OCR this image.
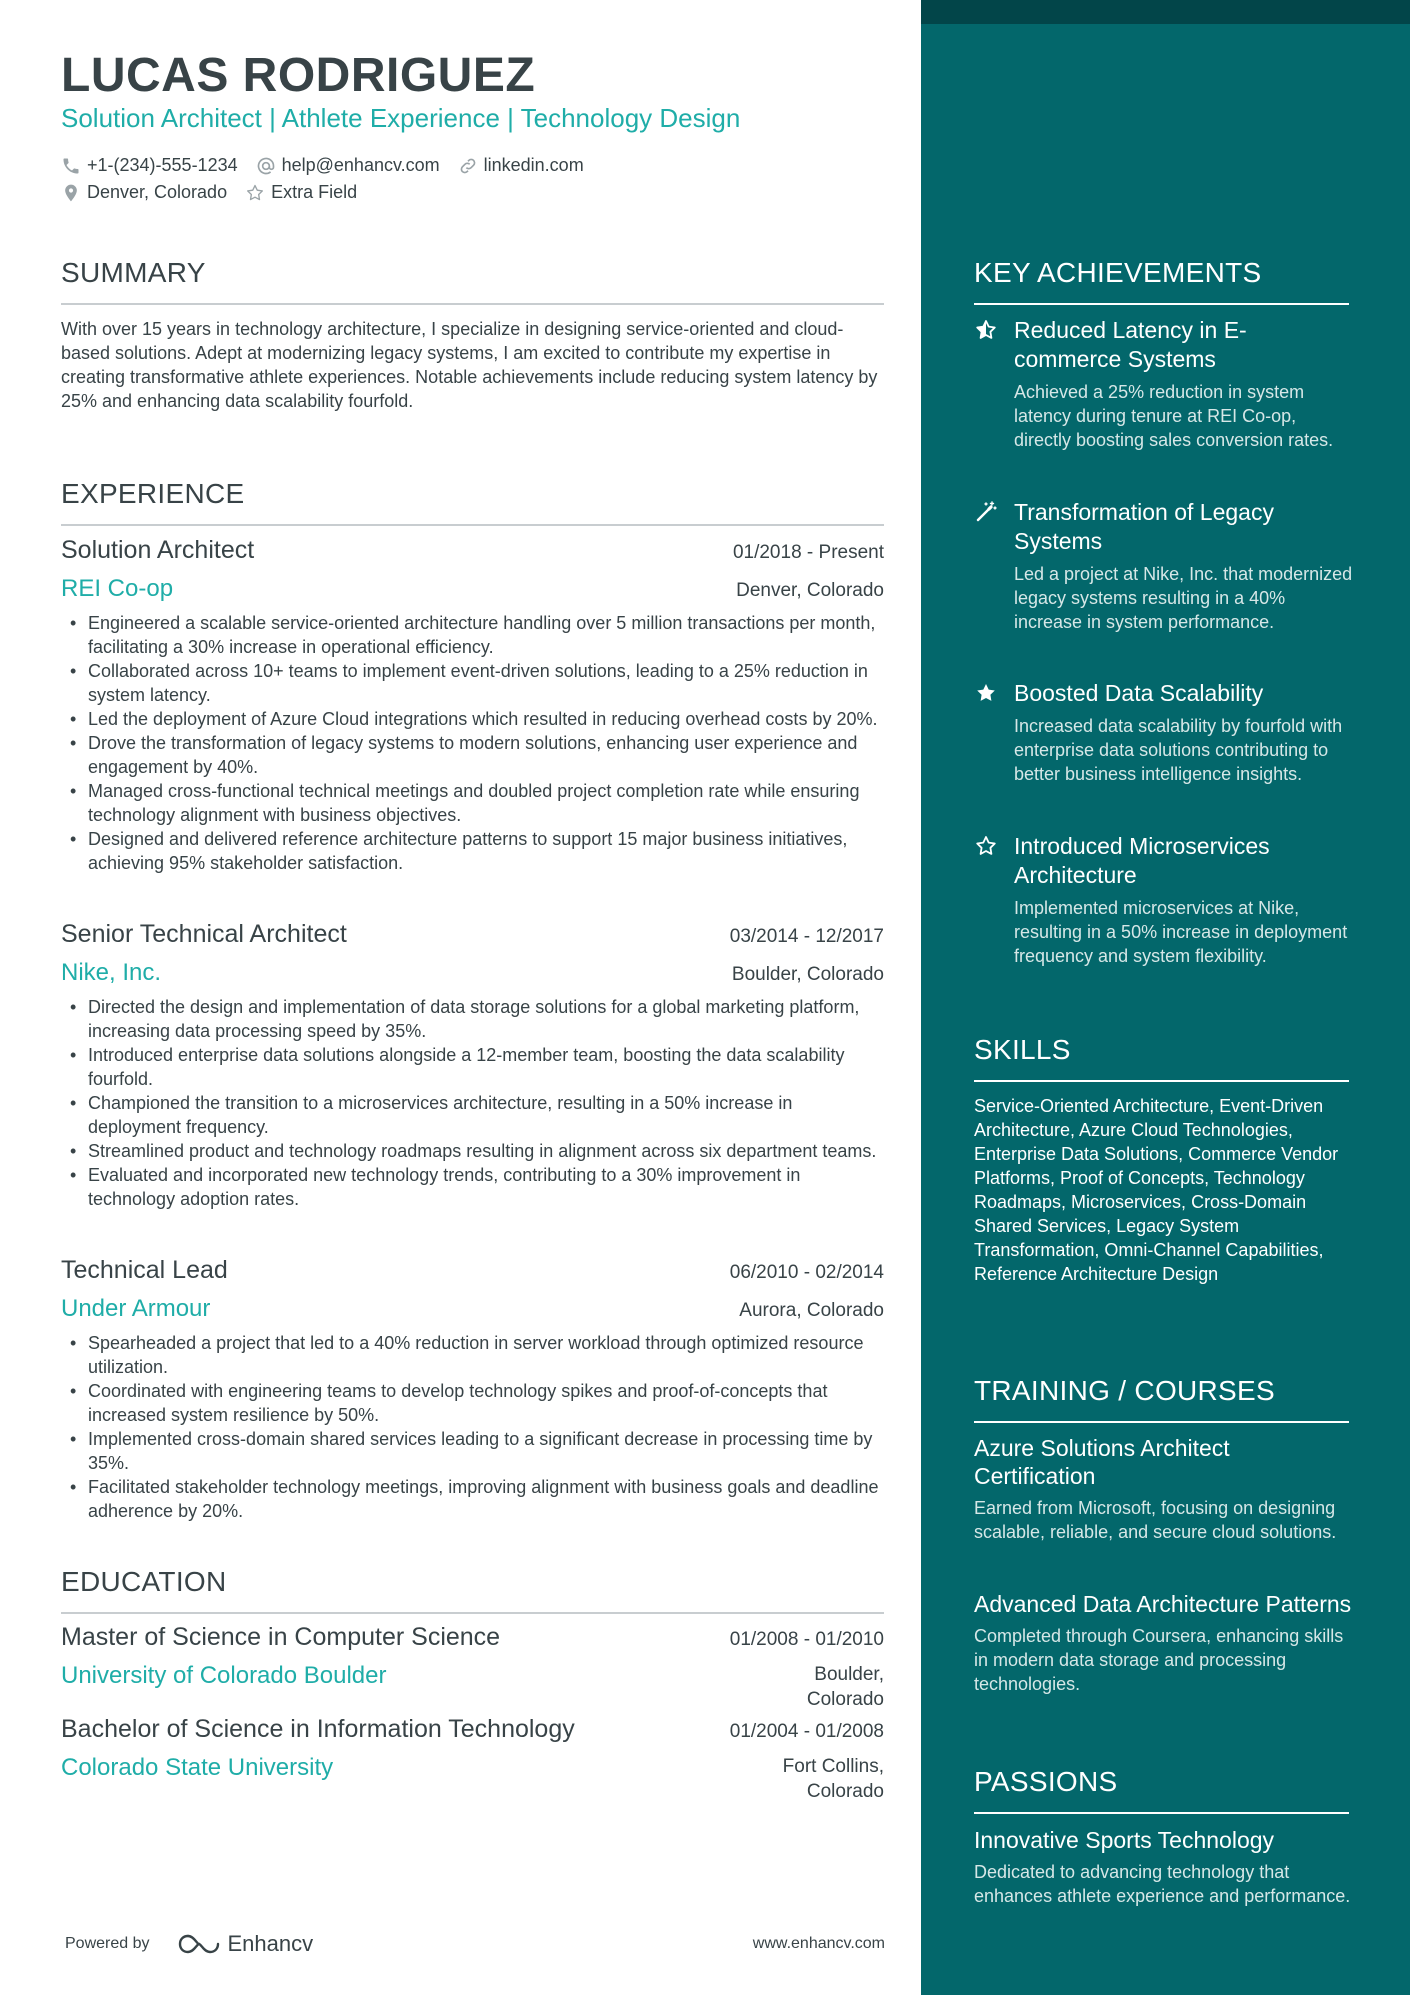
LUCAS RODRIGUEZ
Solution Architect | Athlete Experience | Technology Design
+1-(234)-555-1234 help@enhancv.com linkedin.com
Denver, Colorado Extra Field
SUMMARY
With over 15 years in technology architecture, I specialize in designing service-oriented and cloud-based solutions. Adept at modernizing legacy systems, I am excited to contribute my expertise in creating transformative athlete experiences. Notable achievements include reducing system latency by 25% and enhancing data scalability fourfold.
EXPERIENCE
Solution Architect	01/2018 - Present
REI Co-op	Denver, Colorado
• Engineered a scalable service-oriented architecture handling over 5 million transactions per month, facilitating a 30% increase in operational efficiency.
• Collaborated across 10+ teams to implement event-driven solutions, leading to a 25% reduction in system latency.
• Led the deployment of Azure Cloud integrations which resulted in reducing overhead costs by 20%.
• Drove the transformation of legacy systems to modern solutions, enhancing user experience and engagement by 40%.
• Managed cross-functional technical meetings and doubled project completion rate while ensuring technology alignment with business objectives.
• Designed and delivered reference architecture patterns to support 15 major business initiatives, achieving 95% stakeholder satisfaction.
Senior Technical Architect	03/2014 - 12/2017
Nike, Inc.	Boulder, Colorado
• Directed the design and implementation of data storage solutions for a global marketing platform, increasing data processing speed by 35%.
• Introduced enterprise data solutions alongside a 12-member team, boosting the data scalability fourfold.
• Championed the transition to a microservices architecture, resulting in a 50% increase in deployment frequency.
• Streamlined product and technology roadmaps resulting in alignment across six department teams.
• Evaluated and incorporated new technology trends, contributing to a 30% improvement in technology adoption rates.
Technical Lead	06/2010 - 02/2014
Under Armour	Aurora, Colorado
• Spearheaded a project that led to a 40% reduction in server workload through optimized resource utilization.
• Coordinated with engineering teams to develop technology spikes and proof-of-concepts that increased system resilience by 50%.
• Implemented cross-domain shared services leading to a significant decrease in processing time by 35%.
• Facilitated stakeholder technology meetings, improving alignment with business goals and deadline adherence by 20%.
EDUCATION
Master of Science in Computer Science	01/2008 - 01/2010
University of Colorado Boulder	Boulder, Colorado
Bachelor of Science in Information Technology	01/2004 - 01/2008
Colorado State University	Fort Collins, Colorado
Powered by	Enhancv	www.enhancv.com
KEY ACHIEVEMENTS
Reduced Latency in E-commerce Systems
Achieved a 25% reduction in system latency during tenure at REI Co-op, directly boosting sales conversion rates.
Transformation of Legacy Systems
Led a project at Nike, Inc. that modernized legacy systems resulting in a 40% increase in system performance.
Boosted Data Scalability
Increased data scalability by fourfold with enterprise data solutions contributing to better business intelligence insights.
Introduced Microservices Architecture
Implemented microservices at Nike, resulting in a 50% increase in deployment frequency and system flexibility.
SKILLS
Service-Oriented Architecture, Event-Driven Architecture, Azure Cloud Technologies, Enterprise Data Solutions, Commerce Vendor Platforms, Proof of Concepts, Technology Roadmaps, Microservices, Cross-Domain Shared Services, Legacy System Transformation, Omni-Channel Capabilities, Reference Architecture Design
TRAINING / COURSES
Azure Solutions Architect Certification
Earned from Microsoft, focusing on designing scalable, reliable, and secure cloud solutions.
Advanced Data Architecture Patterns
Completed through Coursera, enhancing skills in modern data storage and processing technologies.
PASSIONS
Innovative Sports Technology
Dedicated to advancing technology that enhances athlete experience and performance.
